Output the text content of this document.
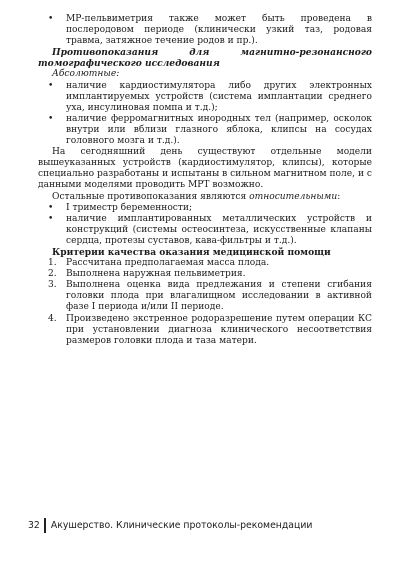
• МР-пельвиметрия также может быть проведена в послеродовом периоде (клинически узкий таз, родовая травма, затяжное течение родов и пр.).

Противопоказания для магнитно-резонансного томографического исследования

Абсолютные:

• наличие кардиостимулятора либо других электронных имплантируемых устройств (система имплантации среднего уха, инсулиновая помпа и т.д.);
• наличие ферромагнитных инородных тел (например, осколок внутри или вблизи глазного яблока, клипсы на сосудах головного мозга и т.д.).

На сегодняшний день существуют отдельные модели вышеуказанных устройств (кардиостимулятор, клипсы), которые специально разработаны и испытаны в сильном магнитном поле, и с данными моделями проводить МРТ возможно.

Остальные противопоказания являются относительными:

• I триместр беременности;
• наличие имплантированных металлических устройств и конструкций (системы остеосинтеза, искусственные клапаны сердца, протезы суставов, кава-фильтры и т.д.).

Критерии качества оказания медицинской помощи

1. Рассчитана предполагаемая масса плода.
2. Выполнена наружная пельвиметрия.
3. Выполнена оценка вида предлежания и степени сгибания головки плода при влагалищном исследовании в активной фазе I периода и/или II периоде.
4. Произведено экстренное родоразрешение путем операции КС при установлении диагноза клинического несоответствия размеров головки плода и таза матери.
32	Акушерство. Клинические протоколы-рекомендации
